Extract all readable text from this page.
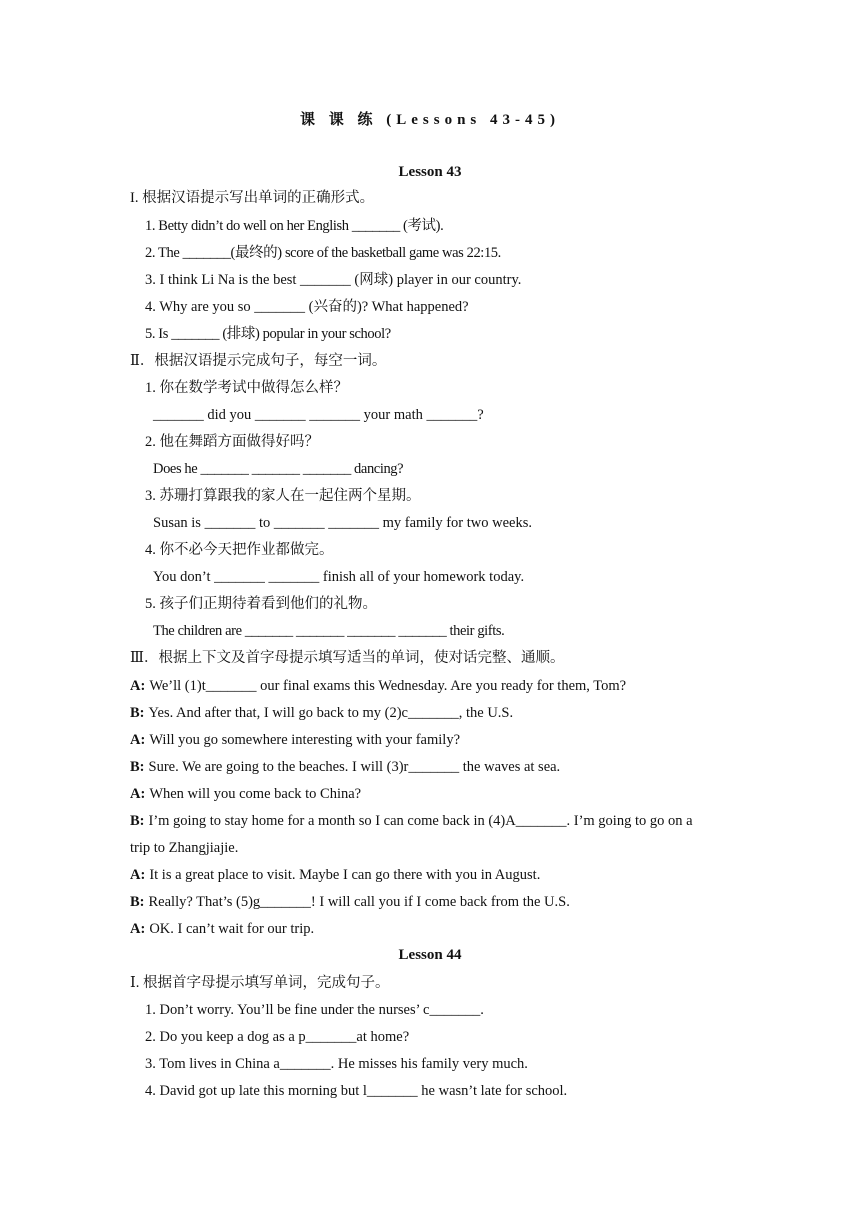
课 课 练 (Lessons 43-45)
Lesson 43
I. 根据汉语提示写出单词的正确形式。
1. Betty didn’t do well on her English _______ (考试).
2. The _______(最终的) score of the basketball game was 22:15.
3. I think Li Na is the best _______ (网球) player in our country.
4. Why are you so _______ (兴奋的)? What happened?
5. Is _______ (排球) popular in your school?
Ⅱ．根据汉语提示完成句子，每空一词。
1. 你在数学考试中做得怎么样？
_______ did you _______ _______ your math _______?
2. 他在舞蹈方面做得好吗？
Does he _______ _______ _______ dancing?
3. 苏珊打算跟我的家人在一起住两个星期。
Susan is _______ to _______ _______ my family for two weeks.
4. 你不必今天把作业都做完。
You don’t _______ _______ finish all of your homework today.
5. 孩子们正期待着看到他们的礼物。
The children are _______ _______ _______ _______ their gifts.
Ⅲ．根据上下文及首字母提示填写适当的单词，使对话完整、通顺。
A: We’ll (1)t_______ our final exams this Wednesday. Are you ready for them, Tom?
B: Yes. And after that, I will go back to my (2)c_______, the U.S.
A: Will you go somewhere interesting with your family?
B: Sure. We are going to the beaches. I will (3)r_______ the waves at sea.
A: When will you come back to China?
B: I’m going to stay home for a month so I can come back in (4)A_______. I’m going to go on a
trip to Zhangjiajie.
A: It is a great place to visit. Maybe I can go there with you in August.
B: Really? That’s (5)g_______! I will call you if I come back from the U.S.
A: OK. I can’t wait for our trip.
Lesson 44
Ⅰ. 根据首字母提示填写单词，完成句子。
1. Don’t worry. You’ll be fine under the nurses’ c_______.
2. Do you keep a dog as a p_______at home?
3. Tom lives in China a_______. He misses his family very much.
4. David got up late this morning but l_______ he wasn’t late for school.
